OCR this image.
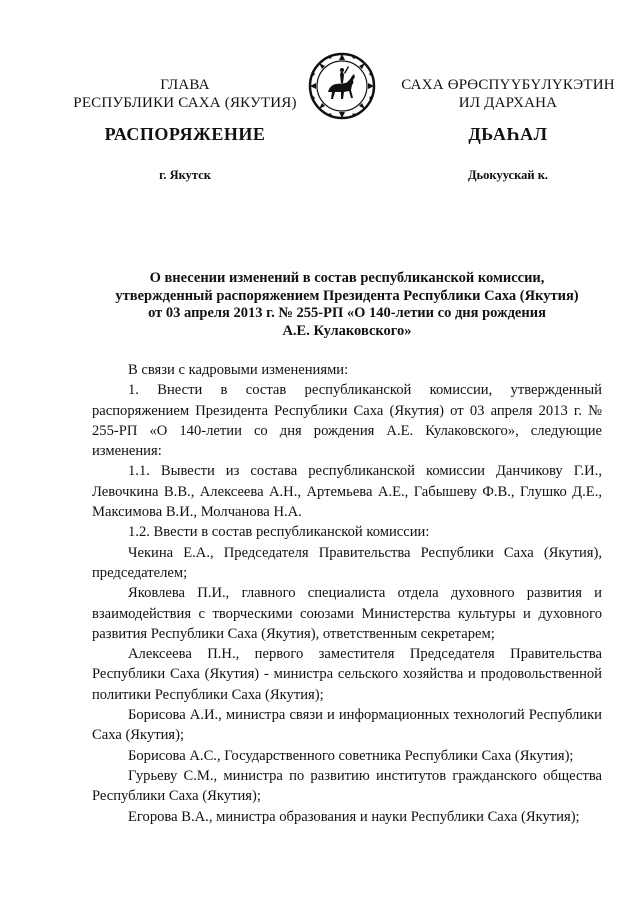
ГЛАВА
РЕСПУБЛИКИ САХА (ЯКУТИЯ)
САХА ӨРӨСПҮҮБҮЛҮКЭТИН
ИЛ ДАРХАНА
РАСПОРЯЖЕНИЕ	ДЬАҺАЛ
г. Якутск	Дьокуускай к.
О внесении изменений в состав республиканской комиссии,
утвержденный распоряжением Президента Республики Саха (Якутия)
от 03 апреля 2013 г. № 255-РП «О 140-летии со дня рождения
А.Е. Кулаковского»

В связи с кадровыми изменениями:

1. Внести в состав республиканской комиссии, утвержденный распоряжением Президента Республики Саха (Якутия) от 03 апреля 2013 г. № 255-РП «О 140-летии со дня рождения А.Е. Кулаковского», следующие изменения:

1.1. Вывести из состава республиканской комиссии Данчикову Г.И., Левочкина В.В., Алексеева А.Н., Артемьева А.Е., Габышеву Ф.В., Глушко Д.Е., Максимова В.И., Молчанова Н.А.

1.2. Ввести в состав республиканской комиссии:

Чекина Е.А., Председателя Правительства Республики Саха (Якутия), председателем;

Яковлева П.И., главного специалиста отдела духовного развития и взаимодействия с творческими союзами Министерства культуры и духовного развития Республики Саха (Якутия), ответственным секретарем;

Алексеева П.Н., первого заместителя Председателя Правительства Республики Саха (Якутия) - министра сельского хозяйства и продовольственной политики Республики Саха (Якутия);

Борисова А.И., министра связи и информационных технологий Республики Саха (Якутия);

Борисова А.С., Государственного советника Республики Саха (Якутия);

Гурьеву С.М., министра по развитию институтов гражданского общества Республики Саха (Якутия);

Егорова В.А., министра образования и науки Республики Саха (Якутия);
